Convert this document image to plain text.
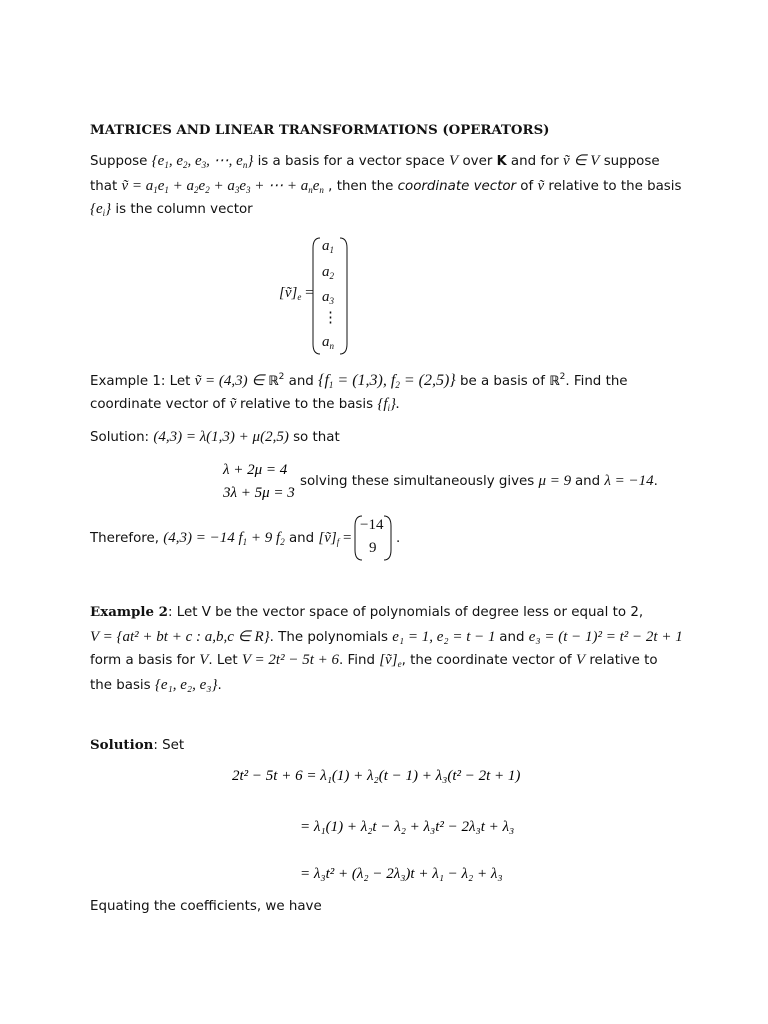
MATRICES AND LINEAR TRANSFORMATIONS (OPERATORS)
Suppose {$e_1$, $e_2$, $e_3$, ⋯, $e_n$} is a basis for a vector space V over K and for ṽ ∈ V suppose
that ṽ = $a_1e_1 + a_2e_2 + a_3e_3$ + ⋯ + $a_ne_n$ , then the coordinate vector of ṽ relative to the basis
$\{e_i\}$ is the column vector
$[ṽ]_e$ =
$a_1$
$a_2$
$a_3$
⋮
$a_n$
Example 1: Let ṽ = (4,3) ∈ ℝ$^2$ and {$f_1 = (1,3)$, $f_2 = (2,5)$} be a basis of ℝ$^2$. Find the
coordinate vector of ṽ relative to the basis $\{f_i\}$.
Solution: (4,3) = λ(1,3) + μ(2,5) so that
λ + 2μ = 4
3λ + 5μ = 3
solving these simultaneously gives μ = 9 and λ = −14.
Therefore, (4,3) = −14 $f_1 + 9$ $f_2$ and $[ṽ]_f$ =
−14
9
.
Example 2: Let V be the vector space of polynomials of degree less or equal to 2,
V = {at² + bt + c : a,b,c ∈ R}. The polynomials e₁ = 1, e₂ = t − 1 and e₃ = (t − 1)² = t² − 2t + 1
form a basis for V. Let V = 2t² − 5t + 6. Find $[ṽ]_e$, the coordinate vector of V relative to
the basis {e₁, e₂, e₃}.
Solution: Set
2t² − 5t + 6 = λ₁(1) + λ₂(t − 1) + λ₃(t² − 2t + 1)
= λ₁(1) + λ₂t − λ₂ + λ₃t² − 2λ₃t + λ₃
= λ₃t² + (λ₂ − 2λ₃)t + λ₁ − λ₂ + λ₃
Equating the coefficients, we have
